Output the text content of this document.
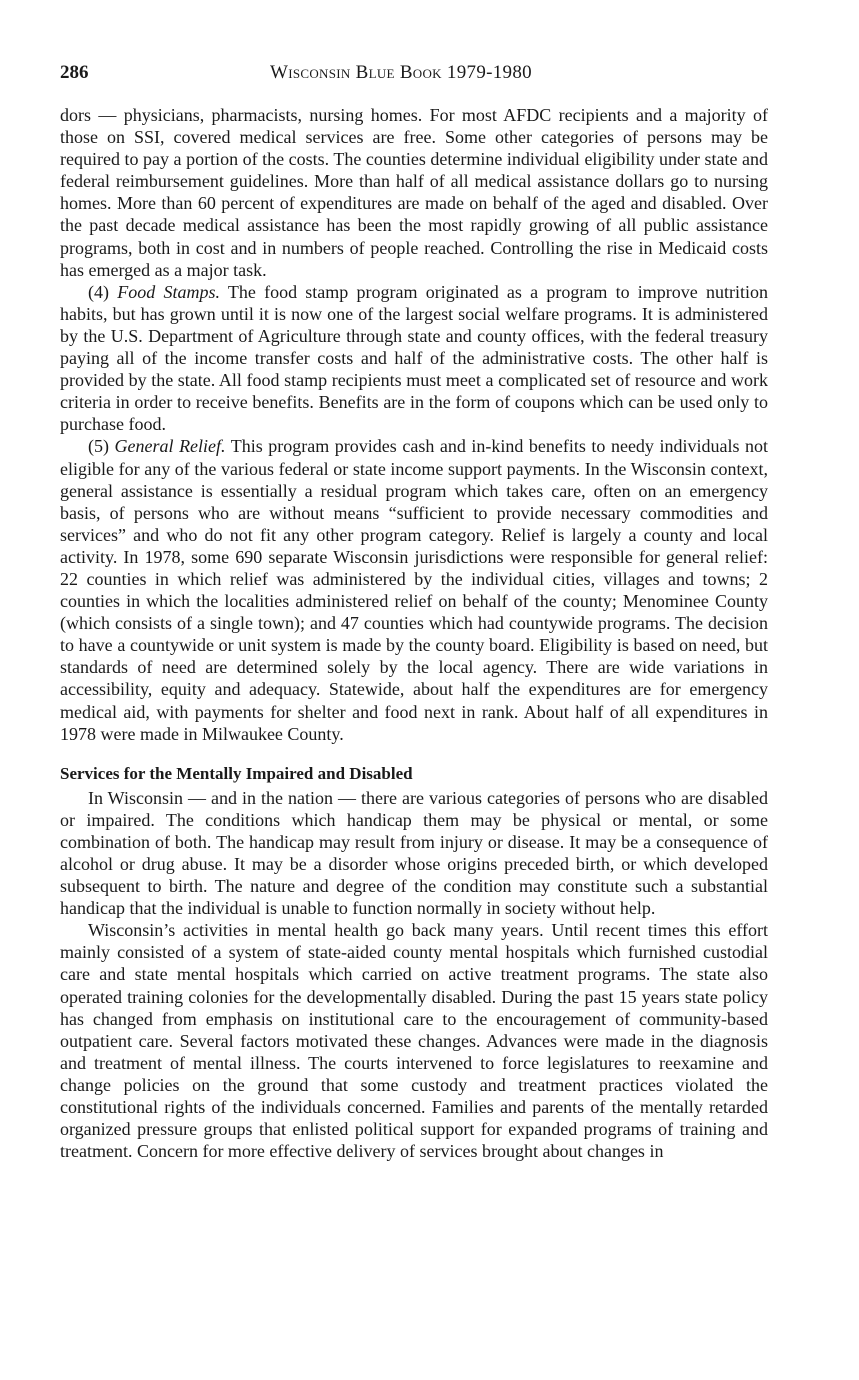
286	Wisconsin Blue Book 1979-1980

dors — physicians, pharmacists, nursing homes. For most AFDC recipients and a majority of those on SSI, covered medical services are free. Some other categories of persons may be required to pay a portion of the costs. The counties determine individual eligibility under state and federal reimbursement guidelines. More than half of all medical assistance dollars go to nursing homes. More than 60 percent of expenditures are made on behalf of the aged and disabled. Over the past decade medical assistance has been the most rapidly growing of all public assistance programs, both in cost and in numbers of people reached. Controlling the rise in Medicaid costs has emerged as a major task.

(4) Food Stamps. The food stamp program originated as a program to improve nutrition habits, but has grown until it is now one of the largest social welfare programs. It is administered by the U.S. Department of Agriculture through state and county offices, with the federal treasury paying all of the income transfer costs and half of the administrative costs. The other half is provided by the state. All food stamp recipients must meet a complicated set of resource and work criteria in order to receive benefits. Benefits are in the form of coupons which can be used only to purchase food.

(5) General Relief. This program provides cash and in-kind benefits to needy individuals not eligible for any of the various federal or state income support payments. In the Wisconsin context, general assistance is essentially a residual program which takes care, often on an emergency basis, of persons who are without means “sufficient to provide necessary commodities and services” and who do not fit any other program category. Relief is largely a county and local activity. In 1978, some 690 separate Wisconsin jurisdictions were responsible for general relief: 22 counties in which relief was administered by the individual cities, villages and towns; 2 counties in which the localities administered relief on behalf of the county; Menominee County (which consists of a single town); and 47 counties which had countywide programs. The decision to have a countywide or unit system is made by the county board. Eligibility is based on need, but standards of need are determined solely by the local agency. There are wide variations in accessibility, equity and adequacy. Statewide, about half the expenditures are for emergency medical aid, with payments for shelter and food next in rank. About half of all expenditures in 1978 were made in Milwaukee County.

Services for the Mentally Impaired and Disabled

In Wisconsin — and in the nation — there are various categories of persons who are disabled or impaired. The conditions which handicap them may be physical or mental, or some combination of both. The handicap may result from injury or disease. It may be a consequence of alcohol or drug abuse. It may be a disorder whose origins preceded birth, or which developed subsequent to birth. The nature and degree of the condition may constitute such a substantial handicap that the individual is unable to function normally in society without help.

Wisconsin’s activities in mental health go back many years. Until recent times this effort mainly consisted of a system of state-aided county mental hospitals which furnished custodial care and state mental hospitals which carried on active treatment programs. The state also operated training colonies for the developmentally disabled. During the past 15 years state policy has changed from emphasis on institutional care to the encouragement of community-based outpatient care. Several factors motivated these changes. Advances were made in the diagnosis and treatment of mental illness. The courts intervened to force legislatures to reexamine and change policies on the ground that some custody and treatment practices violated the constitutional rights of the individuals concerned. Families and parents of the mentally retarded organized pressure groups that enlisted political support for expanded programs of training and treatment. Concern for more effective delivery of services brought about changes in
